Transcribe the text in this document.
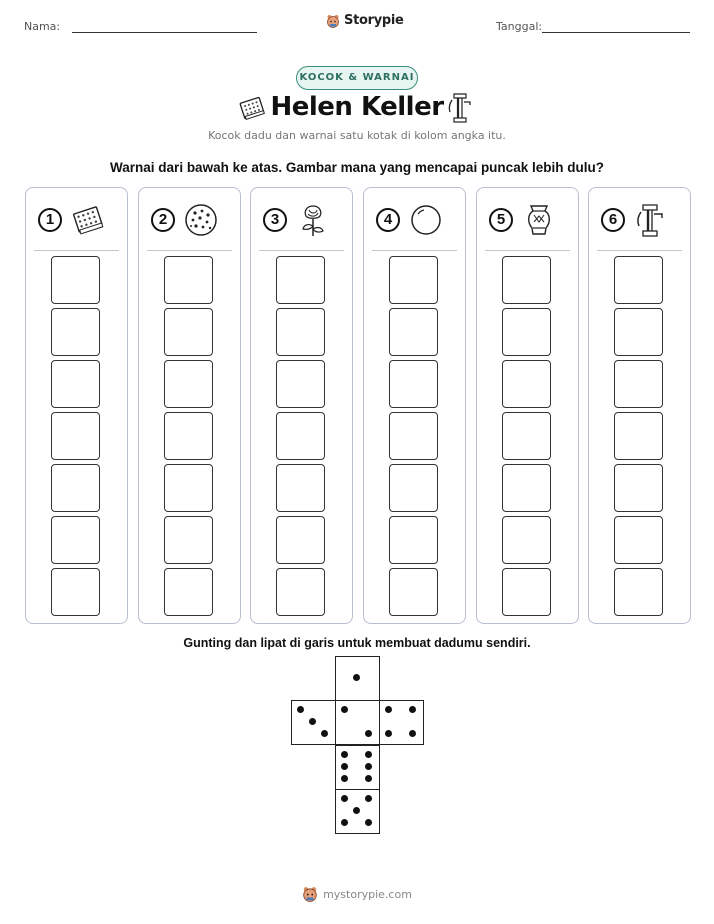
Nama:	Storypie	Tanggal:
KOCOK & WARNAI
Helen Keller
Kocok dadu dan warnai satu kotak di kolom angka itu.
Warnai dari bawah ke atas. Gambar mana yang mencapai puncak lebih dulu?
1	2	3	4	5	6
Gunting dan lipat di garis untuk membuat dadumu sendiri.
mystorypie.com
